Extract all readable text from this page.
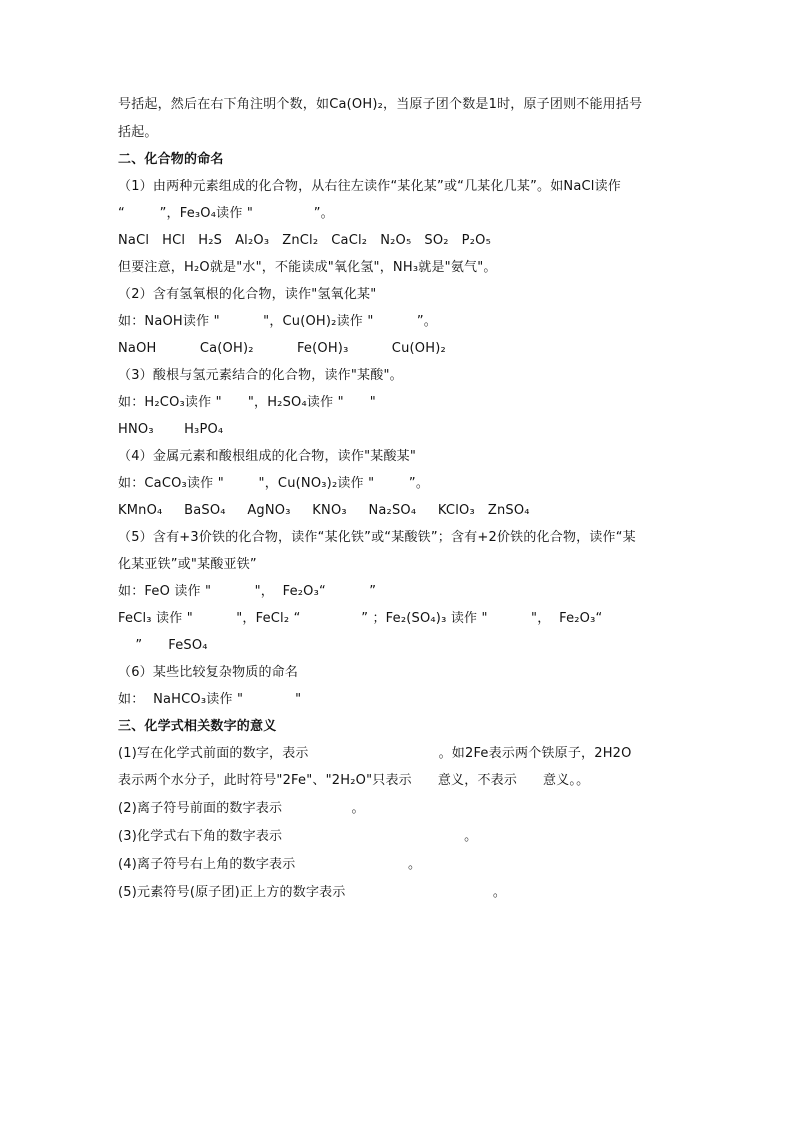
号括起，然后在右下角注明个数，如Ca(OH)₂，当原子团个数是1时，原子团则不能用括号
括起。
二、化合物的命名
（1）由两种元素组成的化合物，从右往左读作“某化某”或“几某化几某”。如NaCl读作
“        ”，Fe₃O₄读作 "              ”。
NaCl   HCl   H₂S   Al₂O₃   ZnCl₂   CaCl₂   N₂O₅   SO₂   P₂O₅
但要注意，H₂O就是"水"，不能读成"氧化氢"，NH₃就是"氨气"。
（2）含有氢氧根的化合物，读作"氢氧化某"
如：NaOH读作 "          "，Cu(OH)₂读作 "          ”。
NaOH          Ca(OH)₂          Fe(OH)₃          Cu(OH)₂
（3）酸根与氢元素结合的化合物，读作"某酸"。
如：H₂CO₃读作 "      "，H₂SO₄读作 "      "
HNO₃       H₃PO₄
（4）金属元素和酸根组成的化合物，读作"某酸某"
如：CaCO₃读作 "        "，Cu(NO₃)₂读作 "        ”。
KMnO₄     BaSO₄     AgNO₃     KNO₃     Na₂SO₄     KClO₃   ZnSO₄
（5）含有+3价铁的化合物，读作“某化铁”或“某酸铁”；含有+2价铁的化合物，读作“某
化某亚铁”或"某酸亚铁”
如：FeO 读作 "          "，  Fe₂O₃“          ”
FeCl₃ 读作 "          "，FeCl₂ “              ” ；Fe₂(SO₄)₃ 读作 "          "，  Fe₂O₃“
”      FeSO₄
（6）某些比较复杂物质的命名
如：  NaHCO₃读作 "            "
三、化学式相关数字的意义
(1)写在化学式前面的数字，表示                              。如2Fe表示两个铁原子，2H2O
表示两个水分子，此时符号"2Fe"、"2H₂O"只表示      意义，不表示      意义。。
(2)离子符号前面的数字表示                。
(3)化学式右下角的数字表示                                          。
(4)离子符号右上角的数字表示                          。
(5)元素符号(原子团)正上方的数字表示                                  。
